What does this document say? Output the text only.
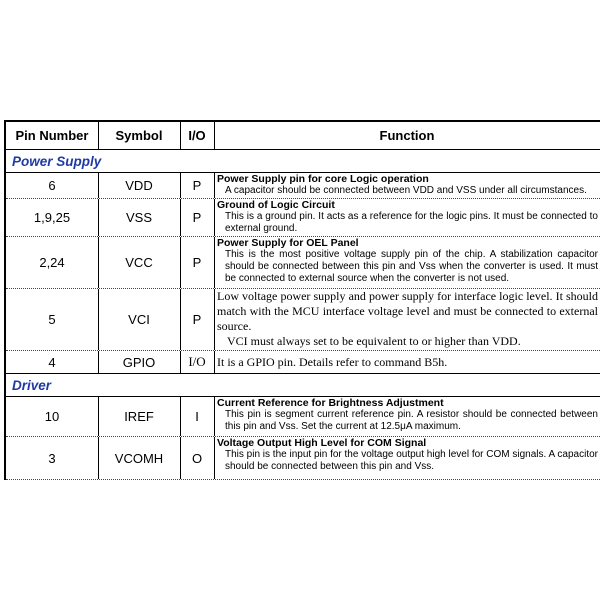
Pin Number	Symbol	I/O	Function
Power Supply
6	VDD	P	Power Supply pin for core Logic operation
A capacitor should be connected between VDD and VSS under all circumstances.
1,9,25	VSS	P
Ground of Logic Circuit
This is a ground pin. It acts as a reference for the logic pins. It must be connected to external ground.
2,24	VCC	P
Power Supply for OEL Panel
This is the most positive voltage supply pin of the chip. A stabilization capacitor should be connected between this pin and Vss when the converter is used. It must be connected to external source when the converter is not used.
5	VCI	P
Low voltage power supply and power supply for interface logic level. It should match with the MCU interface voltage level and must be connected to external source.
VCI must always set to be equivalent to or higher than VDD.
4	GPIO	I/O It is a GPIO pin. Details refer to command B5h.
Driver
10	IREF	I
Current Reference for Brightness Adjustment
This pin is segment current reference pin. A resistor should be connected between this pin and Vss. Set the current at 12.5μA maximum.
3	VCOMH	O
Voltage Output High Level for COM Signal
This pin is the input pin for the voltage output high level for COM signals. A capacitor should be connected between this pin and Vss.
